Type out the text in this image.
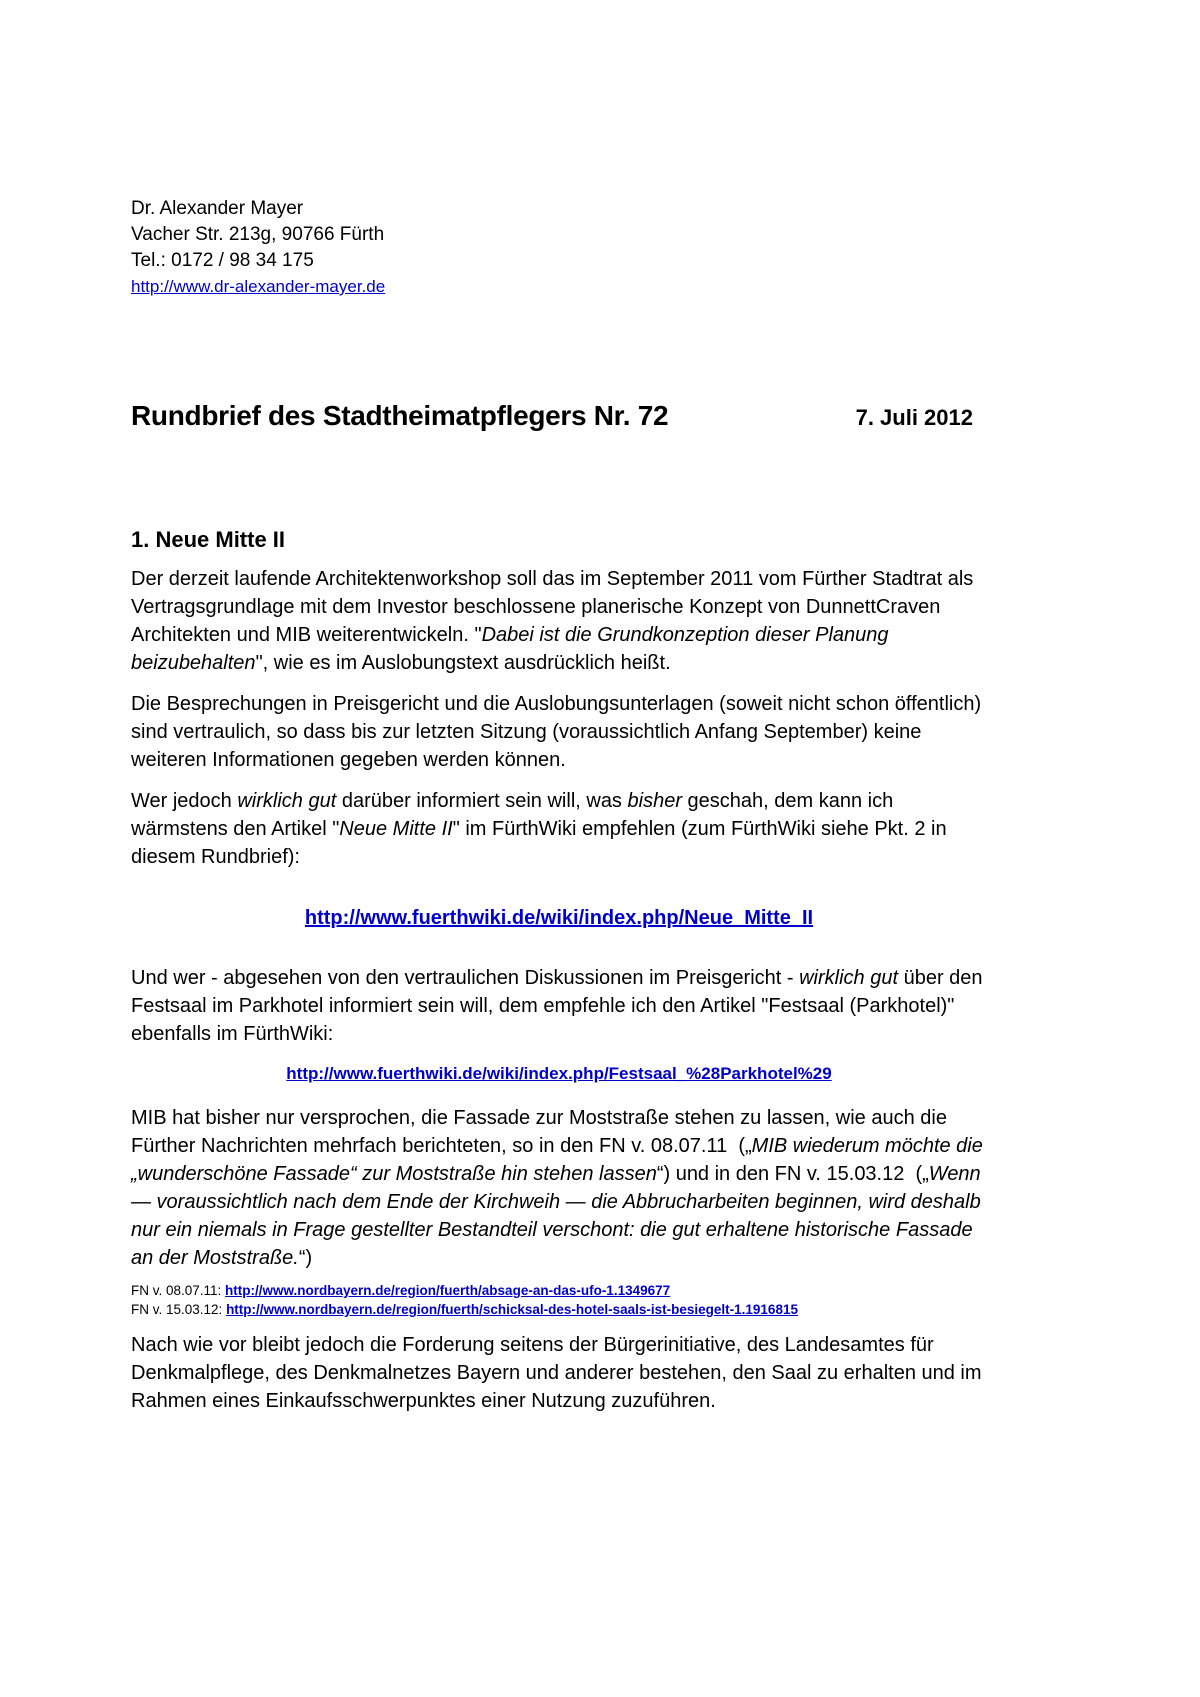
Dr. Alexander Mayer
Vacher Str. 213g, 90766 Fürth
Tel.: 0172 / 98 34 175
http://www.dr-alexander-mayer.de
Rundbrief des Stadtheimatpflegers Nr. 72	7. Juli 2012
1. Neue Mitte II

Der derzeit laufende Architektenworkshop soll das im September 2011 vom Fürther Stadtrat als Vertragsgrundlage mit dem Investor beschlossene planerische Konzept von DunnettCraven Architekten und MIB weiterentwickeln. "Dabei ist die Grundkonzeption dieser Planung beizubehalten", wie es im Auslobungstext ausdrücklich heißt.

Die Besprechungen in Preisgericht und die Auslobungsunterlagen (soweit nicht schon öffentlich) sind vertraulich, so dass bis zur letzten Sitzung (voraussichtlich Anfang September) keine weiteren Informationen gegeben werden können.

Wer jedoch wirklich gut darüber informiert sein will, was bisher geschah, dem kann ich wärmstens den Artikel "Neue Mitte II" im FürthWiki empfehlen (zum FürthWiki siehe Pkt. 2 in diesem Rundbrief):

http://www.fuerthwiki.de/wiki/index.php/Neue_Mitte_II

Und wer - abgesehen von den vertraulichen Diskussionen im Preisgericht - wirklich gut über den Festsaal im Parkhotel informiert sein will, dem empfehle ich den Artikel "Festsaal (Parkhotel)" ebenfalls im FürthWiki:

http://www.fuerthwiki.de/wiki/index.php/Festsaal_%28Parkhotel%29

MIB hat bisher nur versprochen, die Fassade zur Moststraße stehen zu lassen, wie auch die Fürther Nachrichten mehrfach berichteten, so in den FN v. 08.07.11  („MIB wiederum möchte die „wunderschöne Fassade“ zur Moststraße hin stehen lassen“) und in den FN v. 15.03.12  („Wenn — voraussichtlich nach dem Ende der Kirchweih — die Abbrucharbeiten beginnen, wird deshalb nur ein niemals in Frage gestellter Bestandteil verschont: die gut erhaltene historische Fassade an der Moststraße.“)

FN v. 08.07.11: http://www.nordbayern.de/region/fuerth/absage-an-das-ufo-1.1349677
FN v. 15.03.12: http://www.nordbayern.de/region/fuerth/schicksal-des-hotel-saals-ist-besiegelt-1.1916815

Nach wie vor bleibt jedoch die Forderung seitens der Bürgerinitiative, des Landesamtes für Denkmalpflege, des Denkmalnetzes Bayern und anderer bestehen, den Saal zu erhalten und im Rahmen eines Einkaufsschwerpunktes einer Nutzung zuzuführen.
